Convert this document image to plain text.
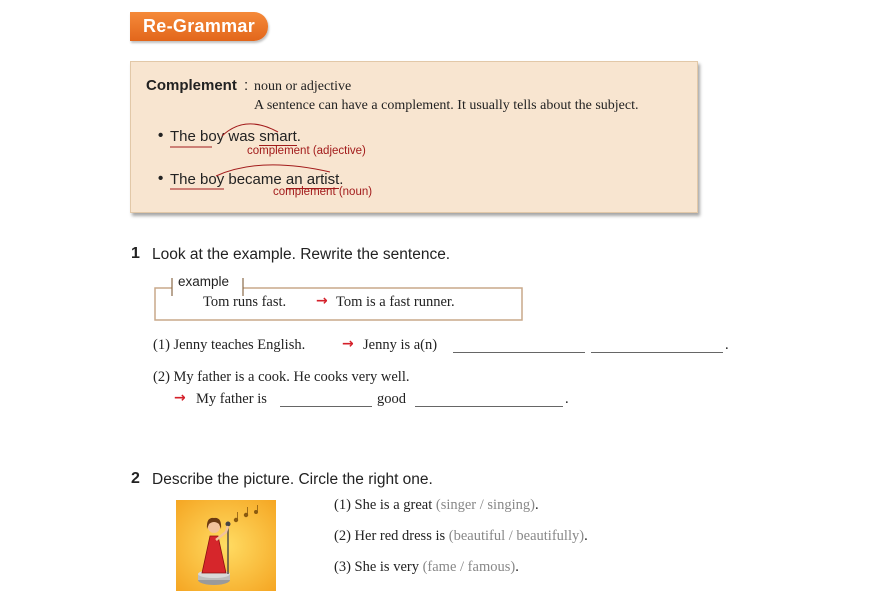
Re-Grammar
Complement : noun or adjective
A sentence can have a complement. It usually tells about the subject.
• The boy was smart.
complement (adjective)
• The boy became an artist.
complement (noun)
1 Look at the example. Rewrite the sentence.
example
Tom runs fast. → Tom is a fast runner.
(1) Jenny teaches English.	→ Jenny is a(n)	.
(2) My father is a cook. He cooks very well.
→ My father is	good	.
2 Describe the picture. Circle the right one.
(1) She is a great (singer / singing).
(2) Her red dress is (beautiful / beautifully).
(3) She is very (fame / famous).
